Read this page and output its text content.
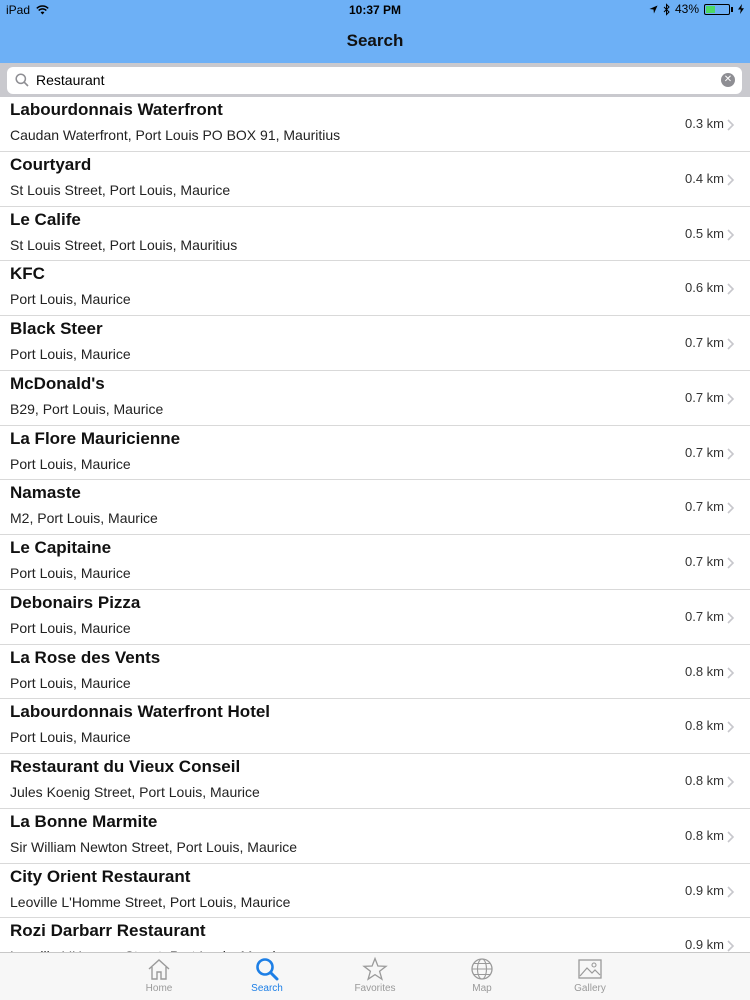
iPad	10:37 PM	43%
Search
Restaurant
✕
Labourdonnais Waterfront
Caudan Waterfront, Port Louis PO BOX 91, Mauritius
0.3 km
Courtyard
St Louis Street, Port Louis, Maurice
0.4 km
Le Calife
St Louis Street, Port Louis, Mauritius
0.5 km
KFC
Port Louis, Maurice
0.6 km
Black Steer
Port Louis, Maurice
0.7 km
McDonald's
B29, Port Louis, Maurice
0.7 km
La Flore Mauricienne
Port Louis, Maurice
0.7 km
Namaste
M2, Port Louis, Maurice
0.7 km
Le Capitaine
Port Louis, Maurice
0.7 km
Debonairs Pizza
Port Louis, Maurice
0.7 km
La Rose des Vents
Port Louis, Maurice
0.8 km
Labourdonnais Waterfront Hotel
Port Louis, Maurice
0.8 km
Restaurant du Vieux Conseil
Jules Koenig Street, Port Louis, Maurice
0.8 km
La Bonne Marmite
Sir William Newton Street, Port Louis, Maurice
0.8 km
City Orient Restaurant
Leoville L'Homme Street, Port Louis, Maurice
0.9 km
Rozi Darbarr Restaurant
0.9 km
Home	Search	Favorites	Map	Gallery
